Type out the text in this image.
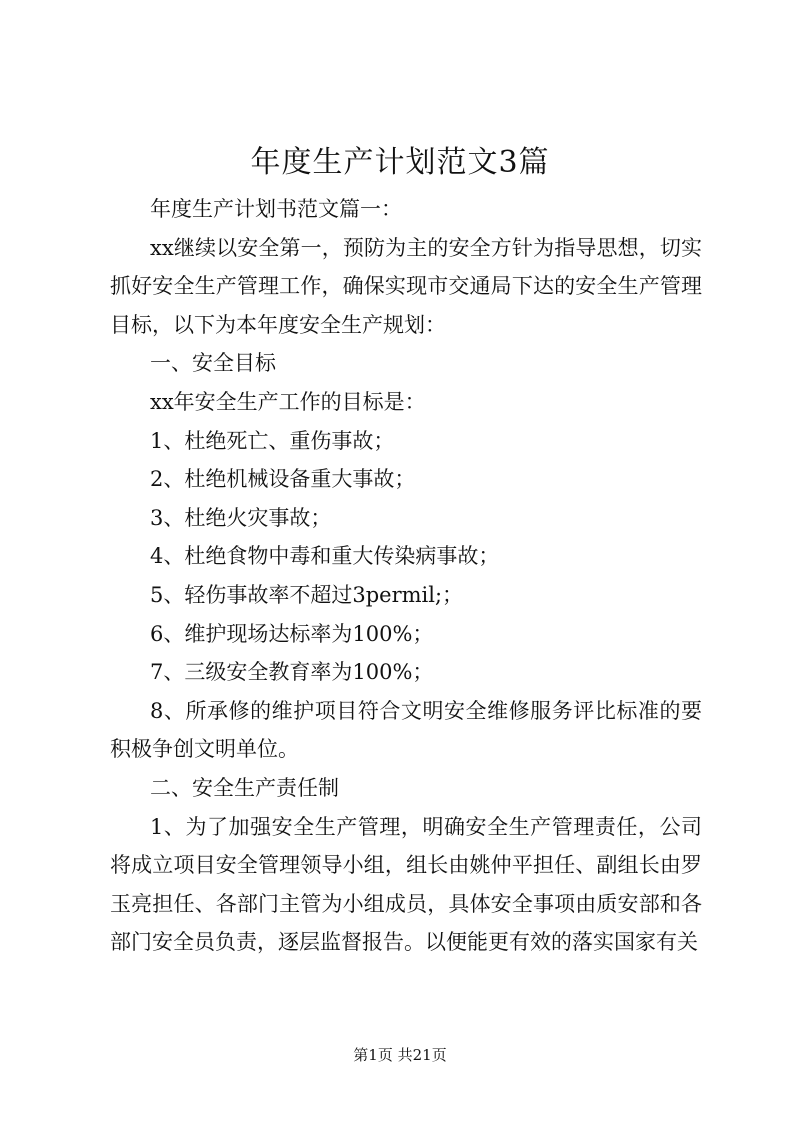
年度生产计划范文3篇

年度生产计划书范文篇一：

xx继续以安全第一，预防为主的安全方针为指导思想，切实抓好安全生产管理工作，确保实现市交通局下达的安全生产管理目标，以下为本年度安全生产规划：

一、安全目标

xx年安全生产工作的目标是：

1、杜绝死亡、重伤事故；

2、杜绝机械设备重大事故；

3、杜绝火灾事故；

4、杜绝食物中毒和重大传染病事故；

5、轻伤事故率不超过3permil;；

6、维护现场达标率为100%；

7、三级安全教育率为100%；

8、所承修的维护项目符合文明安全维修服务评比标准的要积极争创文明单位。

二、安全生产责任制

1、为了加强安全生产管理，明确安全生产管理责任，公司将成立项目安全管理领导小组，组长由姚仲平担任、副组长由罗玉亮担任、各部门主管为小组成员，具体安全事项由质安部和各部门安全员负责，逐层监督报告。以便能更有效的落实国家有关

第1页 共21页
